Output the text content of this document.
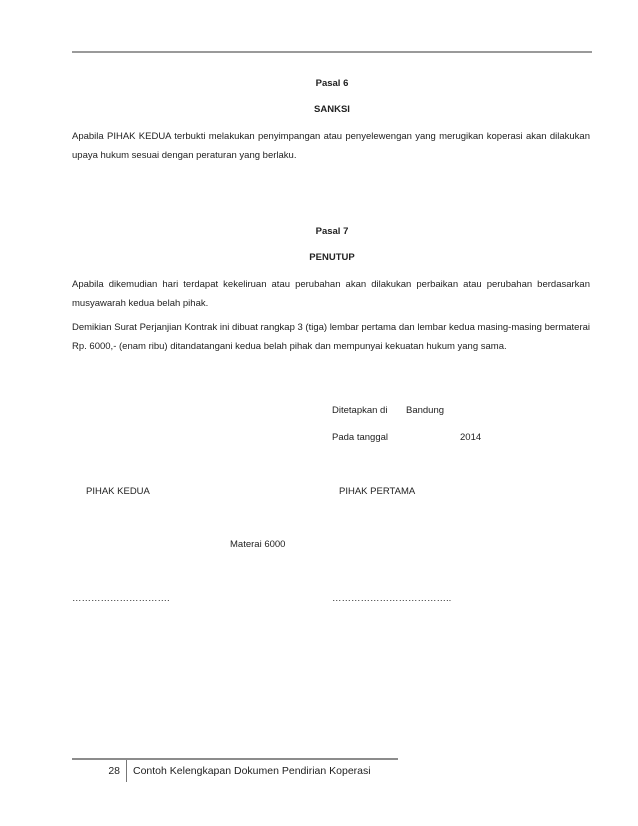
Pasal 6
SANKSI

Apabila PIHAK KEDUA terbukti melakukan penyimpangan atau penyelewengan yang merugikan koperasi akan dilakukan upaya hukum sesuai dengan peraturan yang berlaku.

Pasal 7
PENUTUP

Apabila dikemudian hari terdapat kekeliruan atau perubahan akan dilakukan perbaikan atau perubahan berdasarkan musyawarah kedua belah pihak.

Demikian Surat Perjanjian Kontrak ini dibuat rangkap 3 (tiga) lembar pertama dan lembar kedua masing-masing bermaterai Rp. 6000,- (enam ribu) ditandatangani kedua belah pihak dan mempunyai kekuatan hukum yang sama.

Ditetapkan di Bandung
Pada tanggal	2014
PIHAK KEDUA	PIHAK PERTAMA
Materai 6000
………………………….	………………………………..
28	Contoh Kelengkapan Dokumen Pendirian Koperasi
